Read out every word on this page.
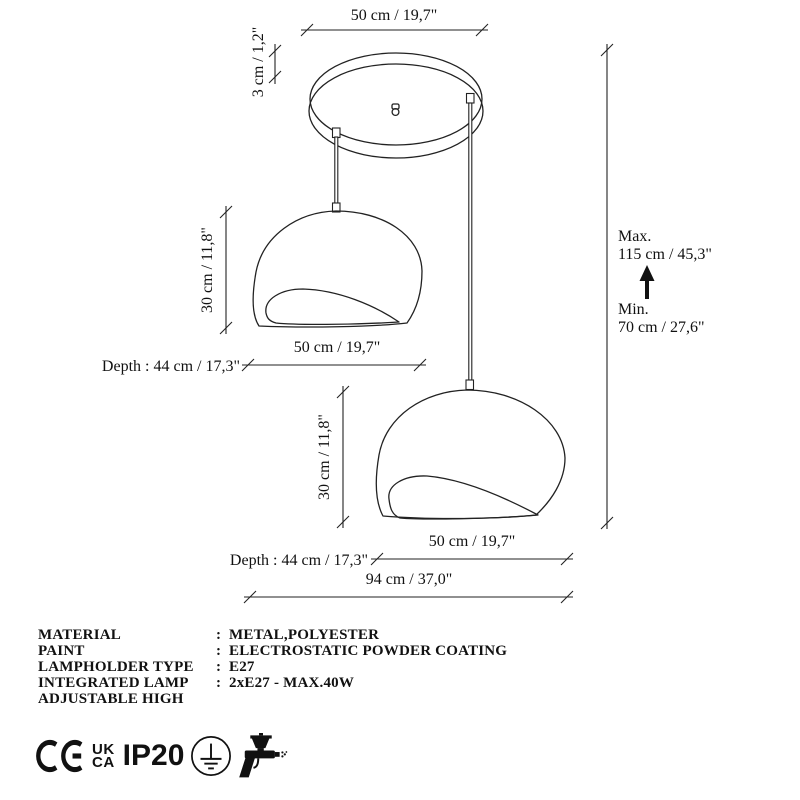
50 cm / 19,7"
3 cm / 1,2"
30 cm / 11,8"
50 cm / 19,7"
Depth : 44 cm / 17,3"
30 cm / 11,8"
50 cm / 19,7"
Depth : 44 cm / 17,3"
94 cm / 37,0"
Max.
115 cm / 45,3"
Min.
70 cm / 27,6"
MATERIAL	: METAL,POLYESTER
PAINT	: ELECTROSTATIC POWDER COATING
LAMPHOLDER TYPE	: E27
INTEGRATED LAMP	: 2xE27 - MAX.40W
ADJUSTABLE HIGH
UK
CA IP20
